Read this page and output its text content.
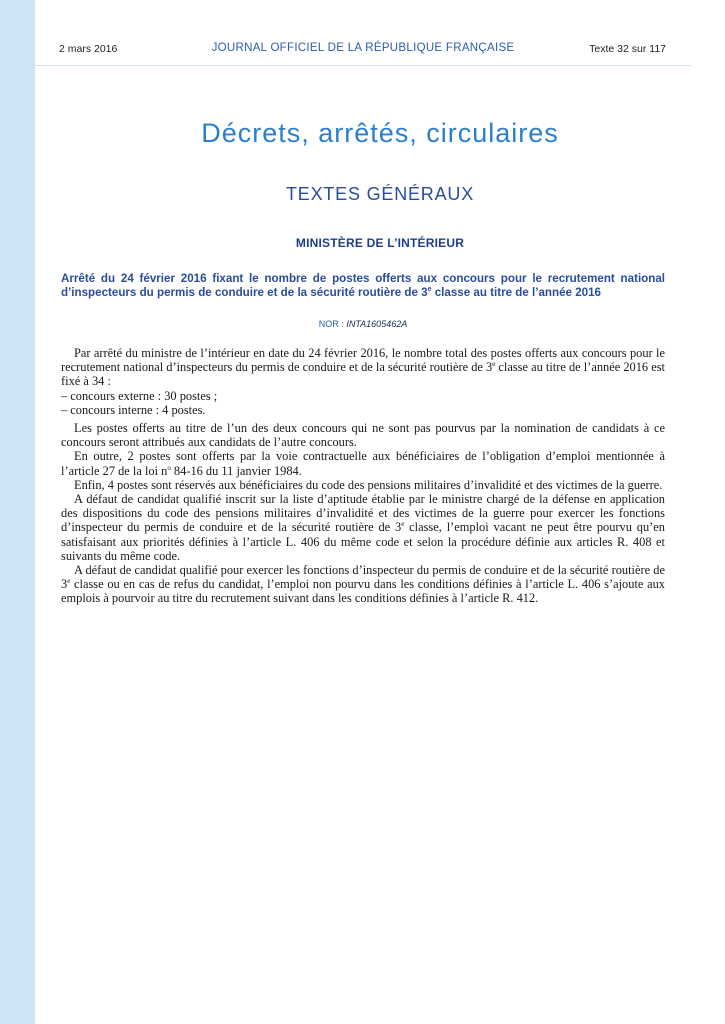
2 mars 2016	JOURNAL OFFICIEL DE LA RÉPUBLIQUE FRANÇAISE	Texte 32 sur 117
Décrets, arrêtés, circulaires
TEXTES GÉNÉRAUX
MINISTÈRE DE L’INTÉRIEUR
Arrêté du 24 février 2016 fixant le nombre de postes offerts aux concours pour le recrutement national d’inspecteurs du permis de conduire et de la sécurité routière de 3e classe au titre de l’année 2016
NOR : INTA1605462A

Par arrêté du ministre de l’intérieur en date du 24 février 2016, le nombre total des postes offerts aux concours pour le recrutement national d’inspecteurs du permis de conduire et de la sécurité routière de 3e classe au titre de l’année 2016 est fixé à 34 :

– concours externe : 30 postes ;

– concours interne : 4 postes.

Les postes offerts au titre de l’un des deux concours qui ne sont pas pourvus par la nomination de candidats à ce concours seront attribués aux candidats de l’autre concours.

En outre, 2 postes sont offerts par la voie contractuelle aux bénéficiaires de l’obligation d’emploi mentionnée à l’article 27 de la loi $n^o$ 84-16 du 11 janvier 1984.

Enfin, 4 postes sont réservés aux bénéficiaires du code des pensions militaires d’invalidité et des victimes de la guerre.

A défaut de candidat qualifié inscrit sur la liste d’aptitude établie par le ministre chargé de la défense en application des dispositions du code des pensions militaires d’invalidité et des victimes de la guerre pour exercer les fonctions d’inspecteur du permis de conduire et de la sécurité routière de 3e classe, l’emploi vacant ne peut être pourvu qu’en satisfaisant aux priorités définies à l’article L. 406 du même code et selon la procédure définie aux articles R. 408 et suivants du même code.

A défaut de candidat qualifié pour exercer les fonctions d’inspecteur du permis de conduire et de la sécurité routière de 3e classe ou en cas de refus du candidat, l’emploi non pourvu dans les conditions définies à l’article L. 406 s’ajoute aux emplois à pourvoir au titre du recrutement suivant dans les conditions définies à l’article R. 412.
